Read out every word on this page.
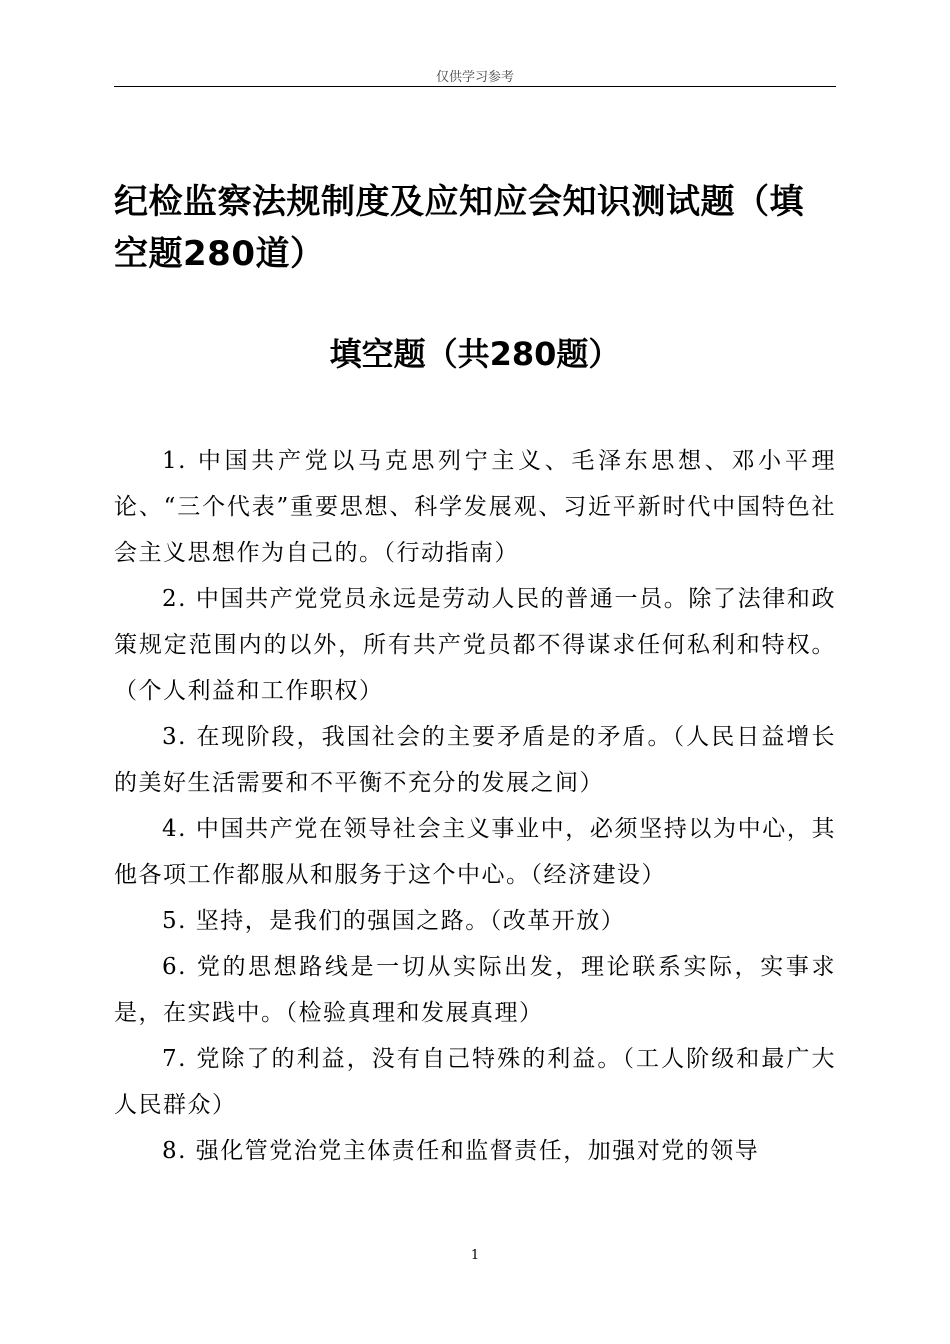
仅供学习参考
纪检监察法规制度及应知应会知识测试题（填空题280道）
填空题（共280题）
1. 中国共产党以马克思列宁主义、毛泽东思想、邓小平理论、“三个代表”重要思想、科学发展观、习近平新时代中国特色社会主义思想作为自己的。（行动指南）
2. 中国共产党党员永远是劳动人民的普通一员。除了法律和政策规定范围内的以外，所有共产党员都不得谋求任何私利和特权。（个人利益和工作职权）
3. 在现阶段，我国社会的主要矛盾是的矛盾。（人民日益增长的美好生活需要和不平衡不充分的发展之间）
4. 中国共产党在领导社会主义事业中，必须坚持以为中心，其他各项工作都服从和服务于这个中心。（经济建设）
5. 坚持，是我们的强国之路。（改革开放）
6. 党的思想路线是一切从实际出发，理论联系实际，实事求是，在实践中。（检验真理和发展真理）
7. 党除了的利益，没有自己特殊的利益。（工人阶级和最广大人民群众）
8. 强化管党治党主体责任和监督责任，加强对党的领导
1
